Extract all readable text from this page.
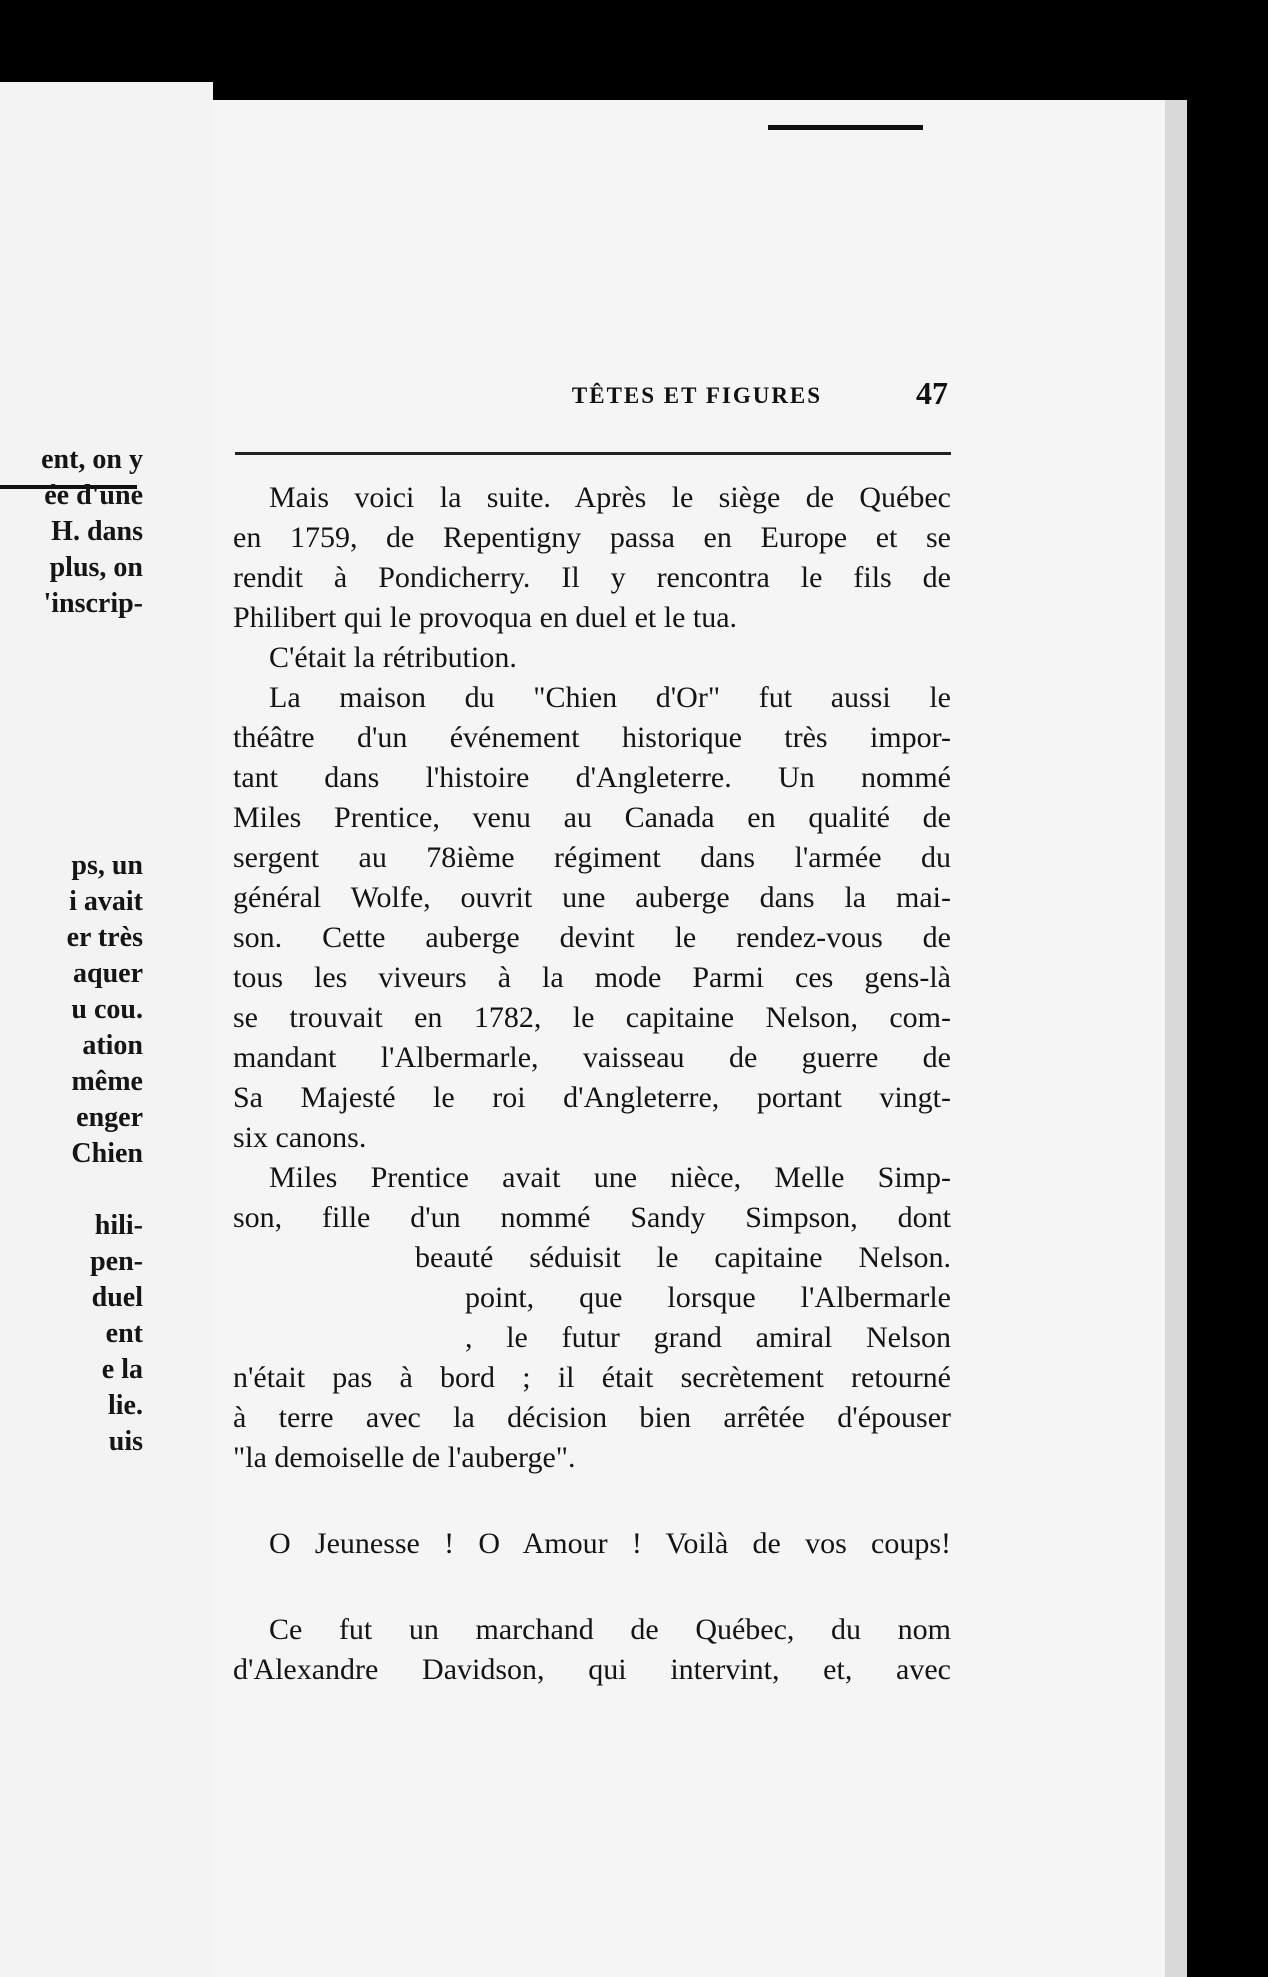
ent, on y
ée d'une
H. dans
plus, on
'inscrip-
ps, un
i avait
er très
aquer
u cou.
ation
même
enger
Chien
hili-
pen-
duel
ent
e la
lie.
uis
TÊTES ET FIGURES	47
Mais voici la suite. Après le siège de Québec
en 1759, de Repentigny passa en Europe et se
rendit à Pondicherry. Il y rencontra le fils de
Philibert qui le provoqua en duel et le tua.
C'était la rétribution.
La maison du "Chien d'Or" fut aussi le
théâtre d'un événement historique très impor-
tant dans l'histoire d'Angleterre. Un nommé
Miles Prentice, venu au Canada en qualité de
sergent au 78ième régiment dans l'armée du
général Wolfe, ouvrit une auberge dans la mai-
son. Cette auberge devint le rendez-vous de
tous les viveurs à la mode Parmi ces gens-là
se trouvait en 1782, le capitaine Nelson, com-
mandant l'Albermarle, vaisseau de guerre de
Sa Majesté le roi d'Angleterre, portant vingt-
six canons.
Miles Prentice avait une nièce, Melle Simp-
son, fille d'un nommé Sandy Simpson, dont
beauté séduisit le capitaine Nelson.
point, que lorsque l'Albermarle
, le futur grand amiral Nelson
n'était pas à bord ; il était secrètement retourné
à terre avec la décision bien arrêtée d'épouser
"la demoiselle de l'auberge".
O Jeunesse ! O Amour ! Voilà de vos coups!
Ce fut un marchand de Québec, du nom
d'Alexandre Davidson, qui intervint, et, avec
